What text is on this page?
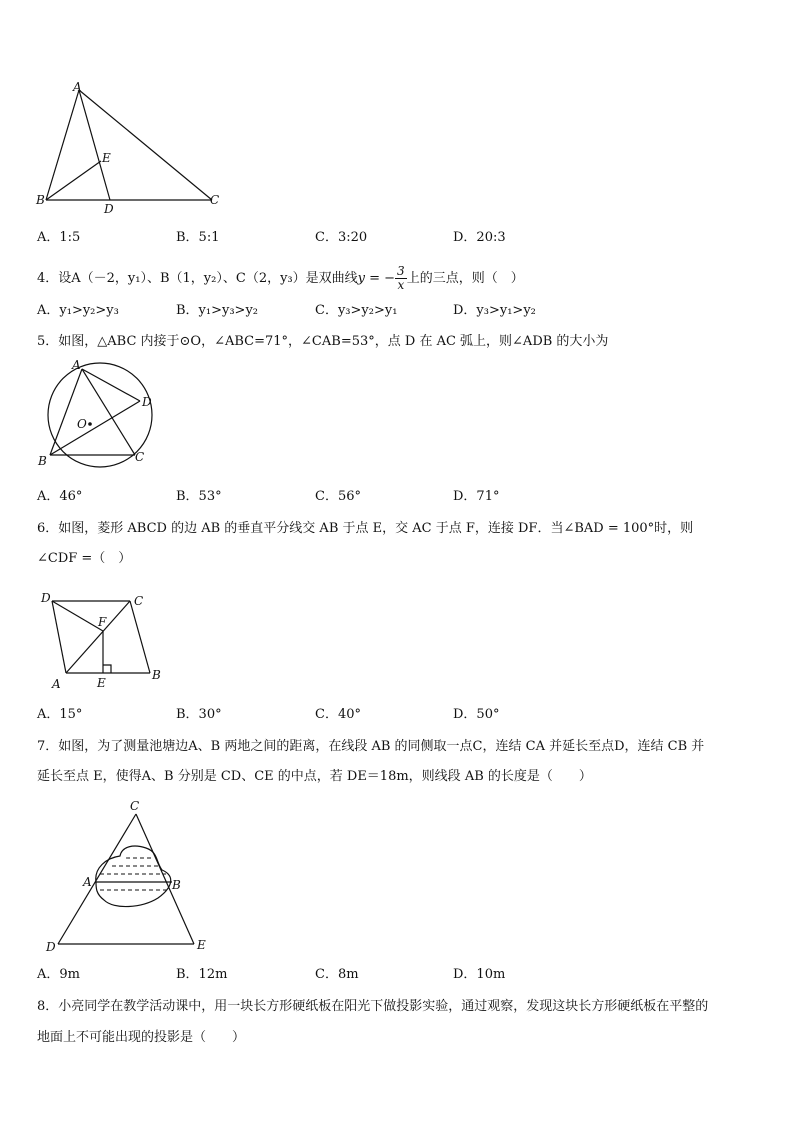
A
B	C
D
E
A．1:5	B．5:1	C．3:20	D．20:3
4．设A（－2，y₁）、B（1，y₂）、C（2，y₃）是双曲线y = − $\frac{3}{x}$ 上的三点，则（　）
A．y₁>y₂>y₃	B．y₁>y₃>y₂	C．y₃>y₂>y₁	D．y₃>y₁>y₂
5．如图，△ABC 内接于⊙O，∠ABC=71°，∠CAB=53°，点 D 在 AC 弧上，则∠ADB 的大小为
A
B	C
D
O
A．46°	B．53°	C．56°	D．71°
6．如图，菱形 ABCD 的边 AB 的垂直平分线交 AB 于点 E，交 AC 于点 F，连接 DF．当∠BAD = 100°时，则
∠CDF =（　）
D	C
F
A	E
B
A．15°	B．30°	C．40°	D．50°
7．如图，为了测量池塘边A、B 两地之间的距离，在线段 AB 的同侧取一点C，连结 CA 并延长至点D，连结 CB 并
延长至点 E，使得A、B 分别是 CD、CE 的中点，若 DE＝18m，则线段 AB 的长度是（　　）
C
A	B
D	E
A．9m	B．12m	C．8m	D．10m
8．小亮同学在教学活动课中，用一块长方形硬纸板在阳光下做投影实验，通过观察，发现这块长方形硬纸板在平整的
地面上不可能出现的投影是（　　）
